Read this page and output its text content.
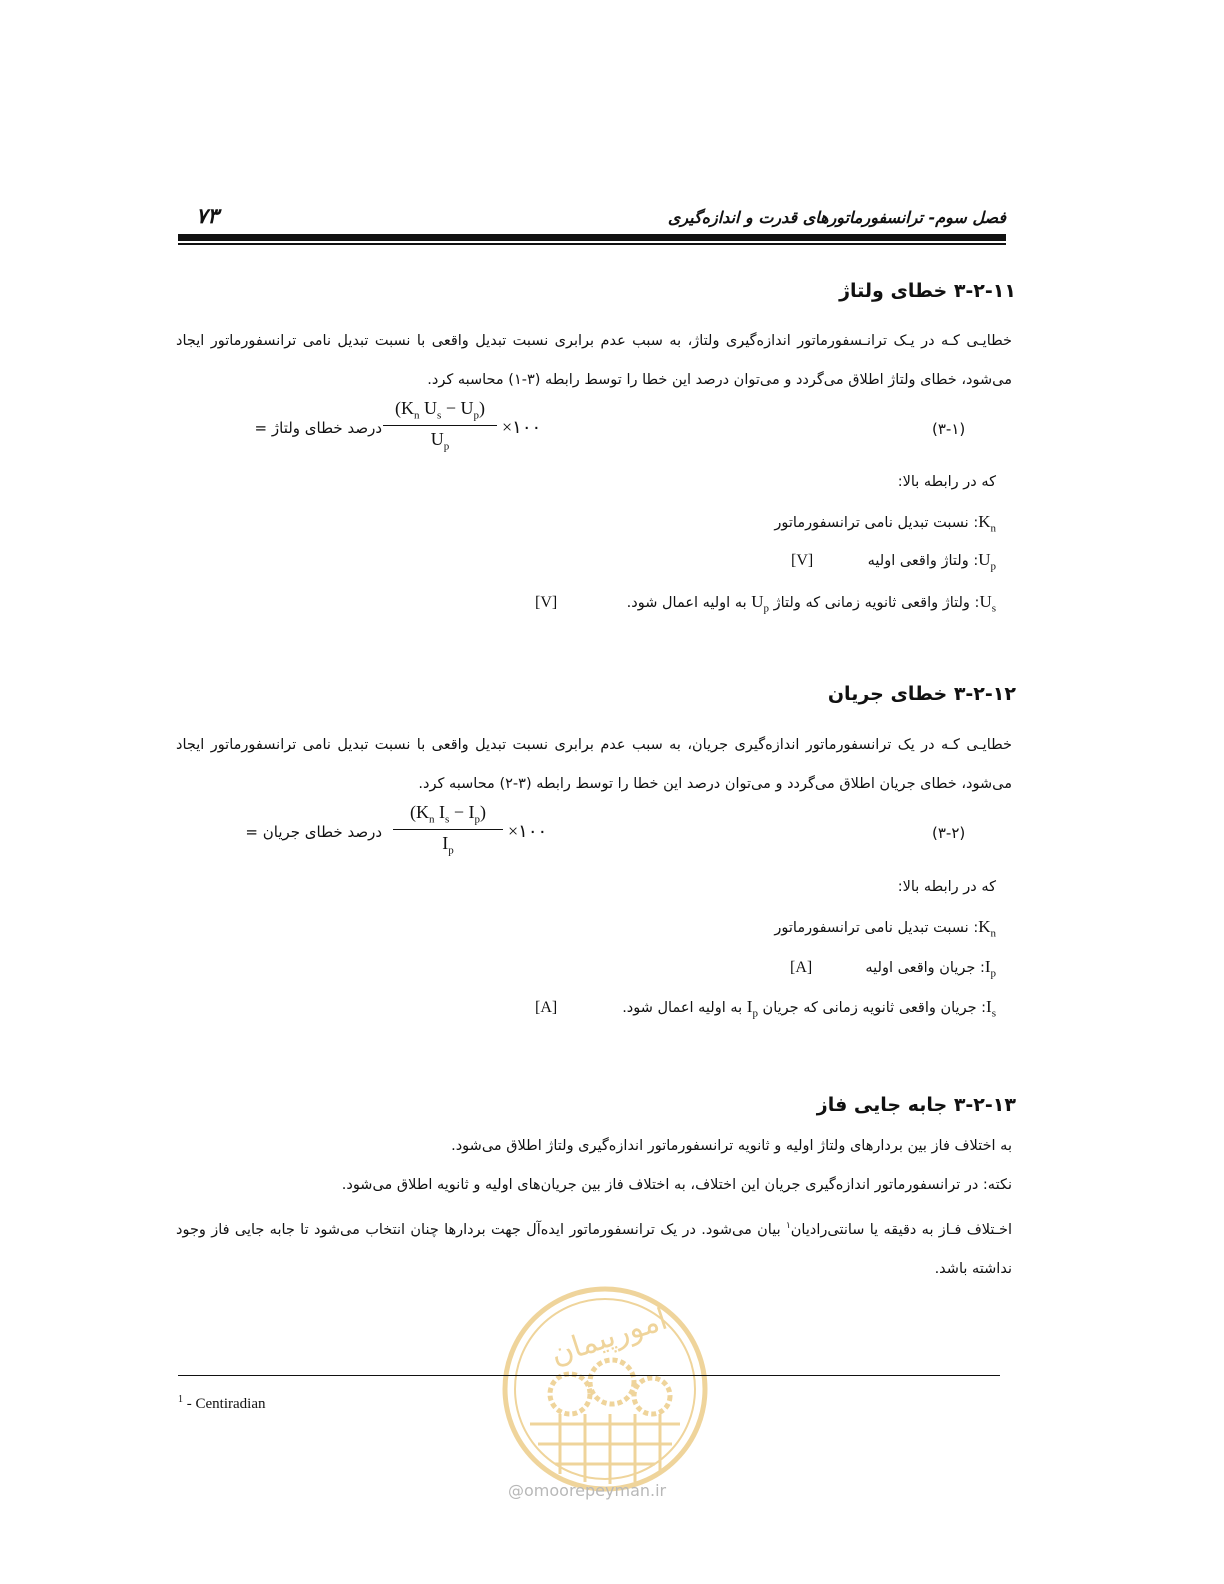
۷۳	فصل سوم- ترانسفورماتورهای قدرت و اندازه‌گیری
۳-۲-۱۱ خطای ولتاژ
خطایـی کـه در یـک ترانـسفورماتور اندازه‌گیری ولتاژ، به سبب عدم برابری نسبت تبدیل واقعی با نسبت تبدیل نامی ترانسفورماتور ایجاد می‌شود، خطای ولتاژ اطلاق می‌گردد و می‌توان درصد این خطا را توسط رابطه (۳-۱) محاسبه کرد.
(۳-۱)
درصد خطای ولتاژ = $\frac{(K_n U_s - U_p)}{U_p}$ ×۱۰۰
که در رابطه بالا:
$K_n$: نسبت تبدیل نامی ترانسفورماتور
$U_p$: ولتاژ واقعی اولیه
[V]
$U_s$: ولتاژ واقعی ثانویه زمانی که ولتاژ $U_p$ به اولیه اعمال شود.
[V]
۳-۲-۱۲ خطای جریان
خطایـی کـه در یک ترانسفورماتور اندازه‌گیری جریان، به سبب عدم برابری نسبت تبدیل واقعی با نسبت تبدیل نامی ترانسفورماتور ایجاد می‌شود، خطای جریان اطلاق می‌گردد و می‌توان درصد این خطا را توسط رابطه (۳-۲) محاسبه کرد.
(۳-۲)
درصد خطای جریان = $\frac{(K_n I_s - I_p)}{I_p}$ ×۱۰۰
که در رابطه بالا:
$K_n$: نسبت تبدیل نامی ترانسفورماتور
$I_p$: جریان واقعی اولیه
[A]
$I_s$: جریان واقعی ثانویه زمانی که جریان $I_p$ به اولیه اعمال شود.
[A]
۳-۲-۱۳ جابه جایی فاز
به اختلاف فاز بین بردارهای ولتاژ اولیه و ثانویه ترانسفورماتور اندازه‌گیری ولتاژ اطلاق می‌شود.
نکته: در ترانسفورماتور اندازه‌گیری جریان این اختلاف، به اختلاف فاز بین جریان‌های اولیه و ثانویه اطلاق می‌شود.
اخـتلاف فـاز به دقیقه یا سانتی‌رادیان$^۱$ بیان می‌شود. در یک ترانسفورماتور ایده‌آل جهت بردارها چنان انتخاب می‌شود تا جابه جایی فاز وجود نداشته باشد.
امورپیمان
@omoorepeyman.ir
$^1$ - Centiradian
